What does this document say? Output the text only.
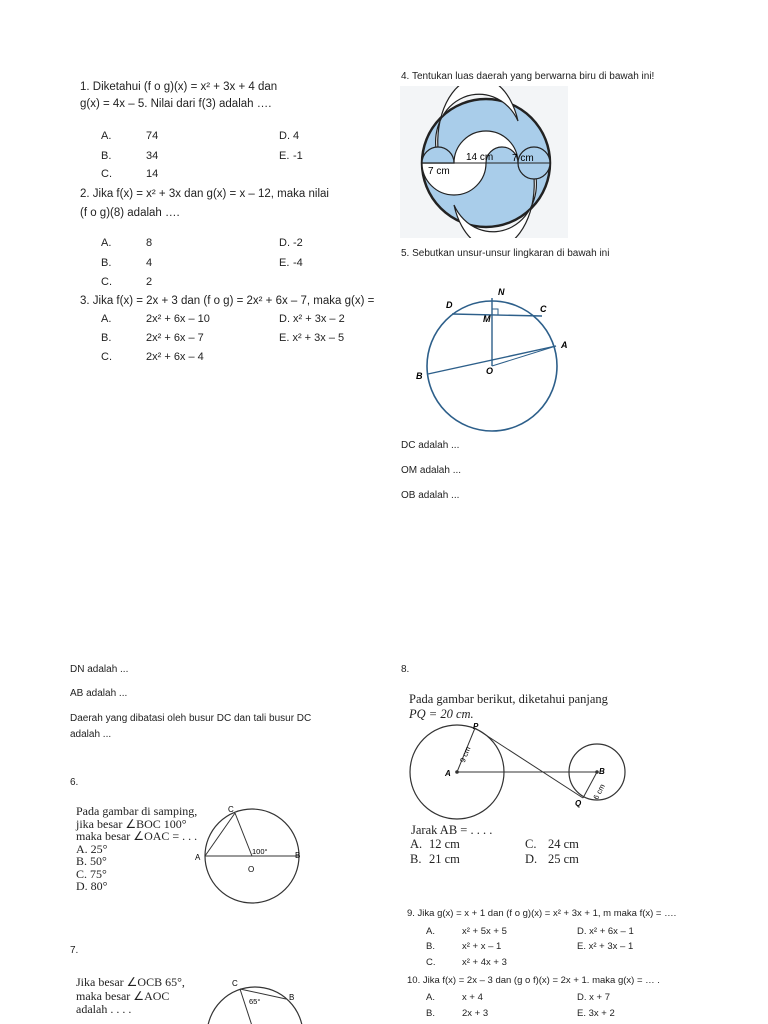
1. Diketahui (f o g)(x) = x² + 3x + 4 dan
g(x) = 4x – 5. Nilai dari f(3) adalah ….
A.	74	D. 4
B.	34	E. -1
C.	14
2. Jika f(x) = x² + 3x dan g(x) = x – 12, maka nilai
(f o g)(8) adalah ….
A.	8	D. -2
B.	4	E. -4
C.	2
3. Jika f(x) = 2x + 3 dan (f o g) = 2x² + 6x – 7, maka g(x) =
A.	2x² + 6x – 10	D. x² + 3x – 2
B.	2x² + 6x – 7	E. x² + 3x – 5
C.	2x² + 6x – 4
DN adalah ...
AB adalah ...
Daerah yang dibatasi oleh busur DC dan tali busur DC
adalah ...
6.
Pada gambar di samping,
jika besar ∠BOC 100°
maka besar ∠OAC = . . .
A. 25°
B. 50°
C. 75°
D. 80°
C
A	B
O
100°
7.
Jika besar ∠OCB 65°,
maka besar ∠AOC
adalah . . . .
C
B
65°
4. Tentukan luas daerah yang berwarna biru di bawah ini!
14 cm 7 cm
7 cm
5. Sebutkan unsur-unsur lingkaran di bawah ini
N
D	C
M
A
B	O
DC adalah ...
OM adalah ...
OB adalah ...
8.
Pada gambar berikut, diketahui panjang
PQ = 20 cm.
P
A	B
Q
9 cm
6 cm
Jarak AB = . . . .
A. 12 cm	C. 24 cm
B. 21 cm	D. 25 cm
9. Jika g(x) = x + 1 dan (f o g)(x) = x² + 3x + 1, m maka f(x) = ….
A.	x² + 5x + 5	D. x² + 6x – 1
B.	x² + x – 1	E. x² + 3x – 1
C.	x² + 4x + 3
10. Jika f(x) = 2x – 3 dan (g o f)(x) = 2x + 1. maka g(x) = … .
A.	x + 4	D. x + 7
B.	2x + 3	E. 3x + 2
